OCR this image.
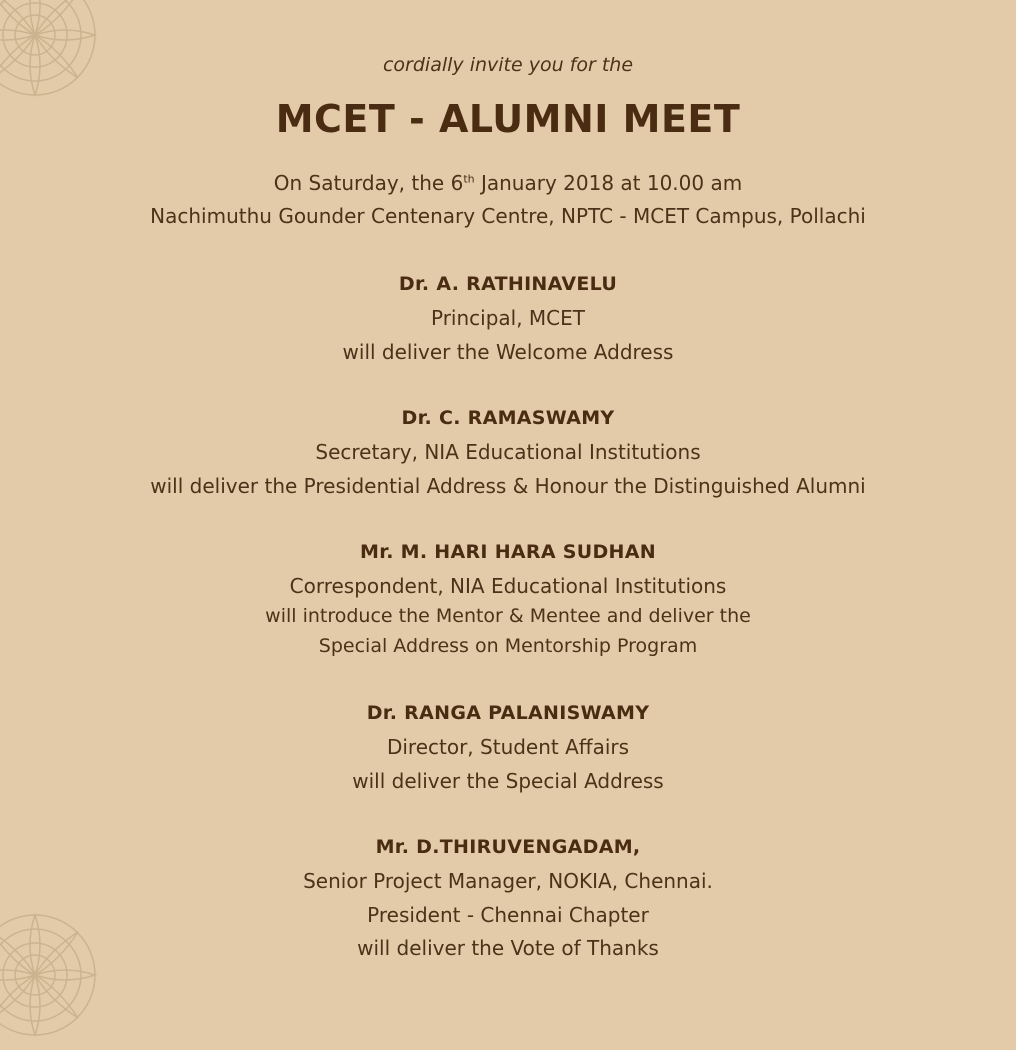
cordially invite you for the
MCET - ALUMNI MEET
On Saturday, the 6th January 2018 at 10.00 am
Nachimuthu Gounder Centenary Centre, NPTC - MCET Campus, Pollachi
Dr. A. RATHINAVELU
Principal, MCET
will deliver the Welcome Address
Dr. C. RAMASWAMY
Secretary, NIA Educational Institutions
will deliver the Presidential Address & Honour the Distinguished Alumni
Mr. M. HARI HARA SUDHAN
Correspondent, NIA Educational Institutions
will introduce the Mentor & Mentee and deliver the
Special Address on Mentorship Program
Dr. RANGA PALANISWAMY
Director, Student Affairs
will deliver the Special Address
Mr. D.THIRUVENGADAM,
Senior Project Manager, NOKIA, Chennai.
President - Chennai Chapter
will deliver the Vote of Thanks
